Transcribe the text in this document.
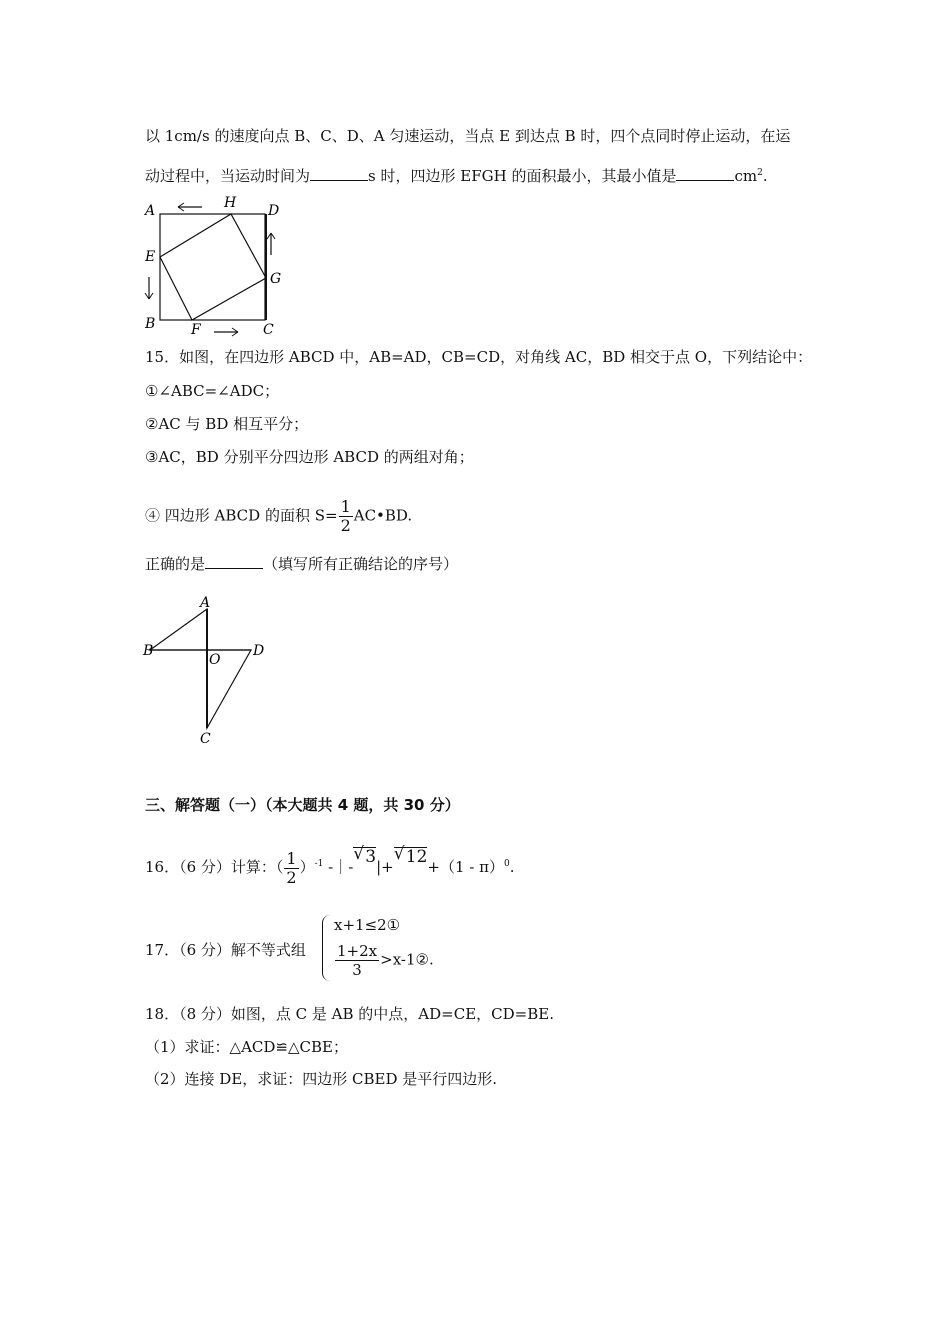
以 1cm/s 的速度向点 B、C、D、A 匀速运动，当点 E 到达点 B 时，四个点同时停止运动，在运
动过程中，当运动时间为	s 时，四边形 EFGH 的面积最小，其最小值是	$cm^2$.
A	H D
E
G
B	F	C
15．如图，在四边形 ABCD 中，AB=AD，CB=CD，对角线 AC，BD 相交于点 O，下列结论中：
①∠ABC=∠ADC；
②AC 与 BD 相互平分；
③AC，BD 分别平分四边形 ABCD 的两组对角；
④ 四边形 ABCD 的面积 $S= \frac{1}{2}$ AC•BD.
正确的是	（填写所有正确结论的序号）
A
B
O
D
C
三、解答题（一）（本大题共 4 题，共 30 分）
16．（6 分）计算：（ $\frac{1}{2} )^{-1}$ -｜- √ 3|+ √ 12+（1 - π）$^0$.
17．（6 分）解不等式组
x+1≤2①
$\frac{1+2x}{3}$ >x-1②.
18．（8 分）如图，点 C 是 AB 的中点，AD=CE，CD=BE.
（1）求证：△ACD≌△CBE；
（2）连接 DE，求证：四边形 CBED 是平行四边形.
